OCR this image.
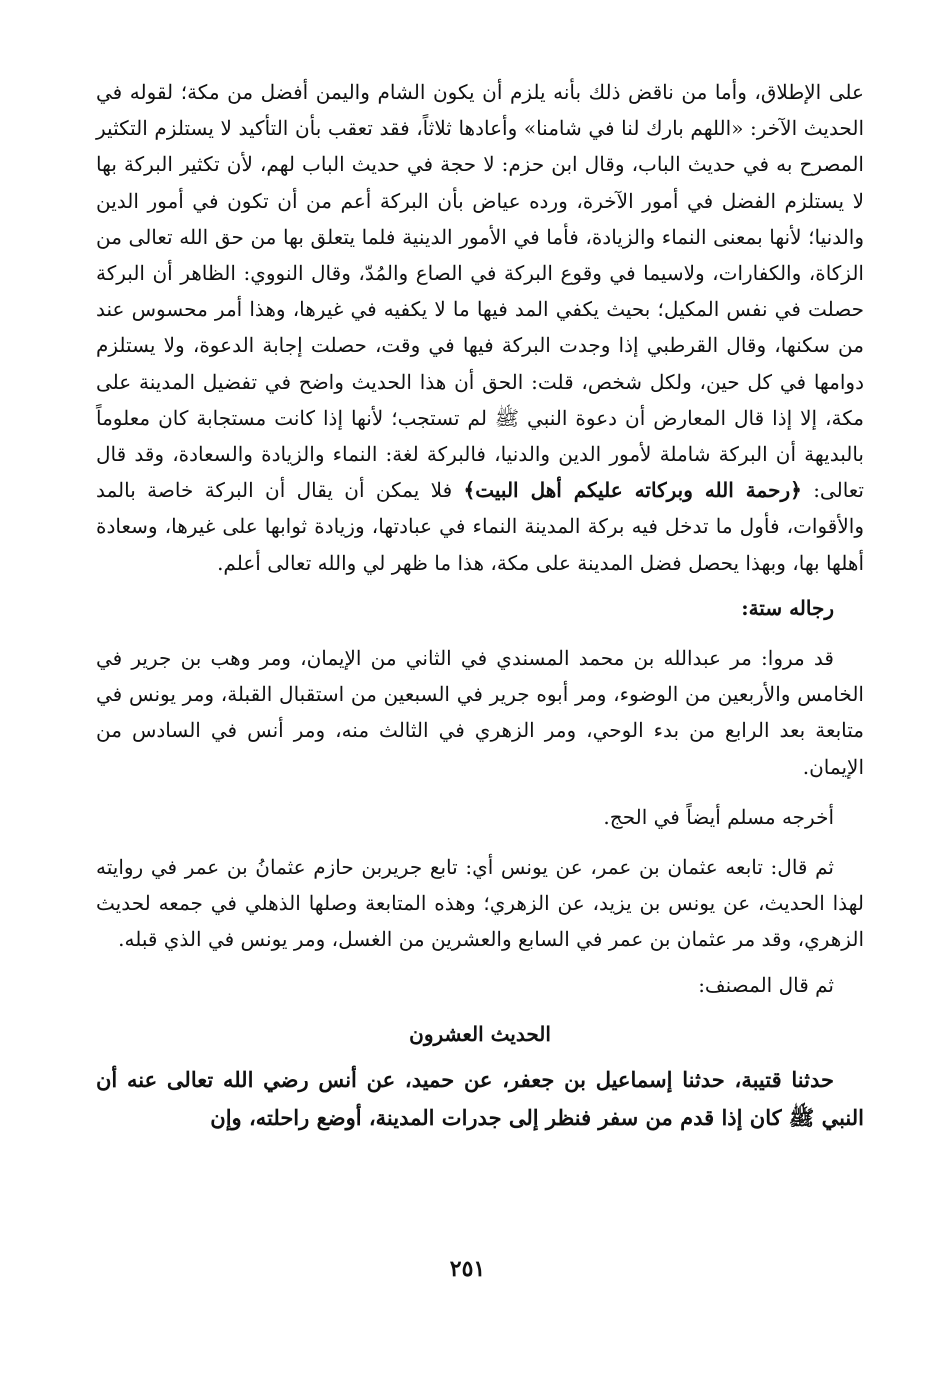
على الإطلاق، وأما من ناقض ذلك بأنه يلزم أن يكون الشام واليمن أفضل من مكة؛ لقوله في الحديث الآخر: «اللهم بارك لنا في شامنا» وأعادها ثلاثاً، فقد تعقب بأن التأكيد لا يستلزم التكثير المصرح به في حديث الباب، وقال ابن حزم: لا حجة في حديث الباب لهم، لأن تكثير البركة بها لا يستلزم الفضل في أمور الآخرة، ورده عياض بأن البركة أعم من أن تكون في أمور الدين والدنيا؛ لأنها بمعنى النماء والزيادة، فأما في الأمور الدينية فلما يتعلق بها من حق الله تعالى من الزكاة، والكفارات، ولاسيما في وقوع البركة في الصاع والمُدّ، وقال النووي: الظاهر أن البركة حصلت في نفس المكيل؛ بحيث يكفي المد فيها ما لا يكفيه في غيرها، وهذا أمر محسوس عند من سكنها، وقال القرطبي إذا وجدت البركة فيها في وقت، حصلت إجابة الدعوة، ولا يستلزم دوامها في كل حين، ولكل شخص، قلت: الحق أن هذا الحديث واضح في تفضيل المدينة على مكة، إلا إذا قال المعارض أن دعوة النبي ﷺ لم تستجب؛ لأنها إذا كانت مستجابة كان معلوماً بالبديهة أن البركة شاملة لأمور الدين والدنيا، فالبركة لغة: النماء والزيادة والسعادة، وقد قال تعالى: ﴿رحمة الله وبركاته عليكم أهل البيت﴾ فلا يمكن أن يقال أن البركة خاصة بالمد والأقوات، فأول ما تدخل فيه بركة المدينة النماء في عبادتها، وزيادة ثوابها على غيرها، وسعادة أهلها بها، وبهذا يحصل فضل المدينة على مكة، هذا ما ظهر لي والله تعالى أعلم.

رجاله ستة:

قد مروا: مر عبدالله بن محمد المسندي في الثاني من الإيمان، ومر وهب بن جرير في الخامس والأربعين من الوضوء، ومر أبوه جرير في السبعين من استقبال القبلة، ومر يونس في متابعة بعد الرابع من بدء الوحي، ومر الزهري في الثالث منه، ومر أنس في السادس من الإيمان.

أخرجه مسلم أيضاً في الحج.

ثم قال: تابعه عثمان بن عمر، عن يونس أي: تابع جريربن حازم عثمانُ بن عمر في روايته لهذا الحديث، عن يونس بن يزيد، عن الزهري؛ وهذه المتابعة وصلها الذهلي في جمعه لحديث الزهري، وقد مر عثمان بن عمر في السابع والعشرين من الغسل، ومر يونس في الذي قبله.

ثم قال المصنف:

الحديث العشرون

حدثنا قتيبة، حدثنا إسماعيل بن جعفر، عن حميد، عن أنس رضي الله تعالى عنه أن النبي ﷺ كان إذا قدم من سفر فنظر إلى جدرات المدينة، أوضع راحلته، وإن

٢٥١
